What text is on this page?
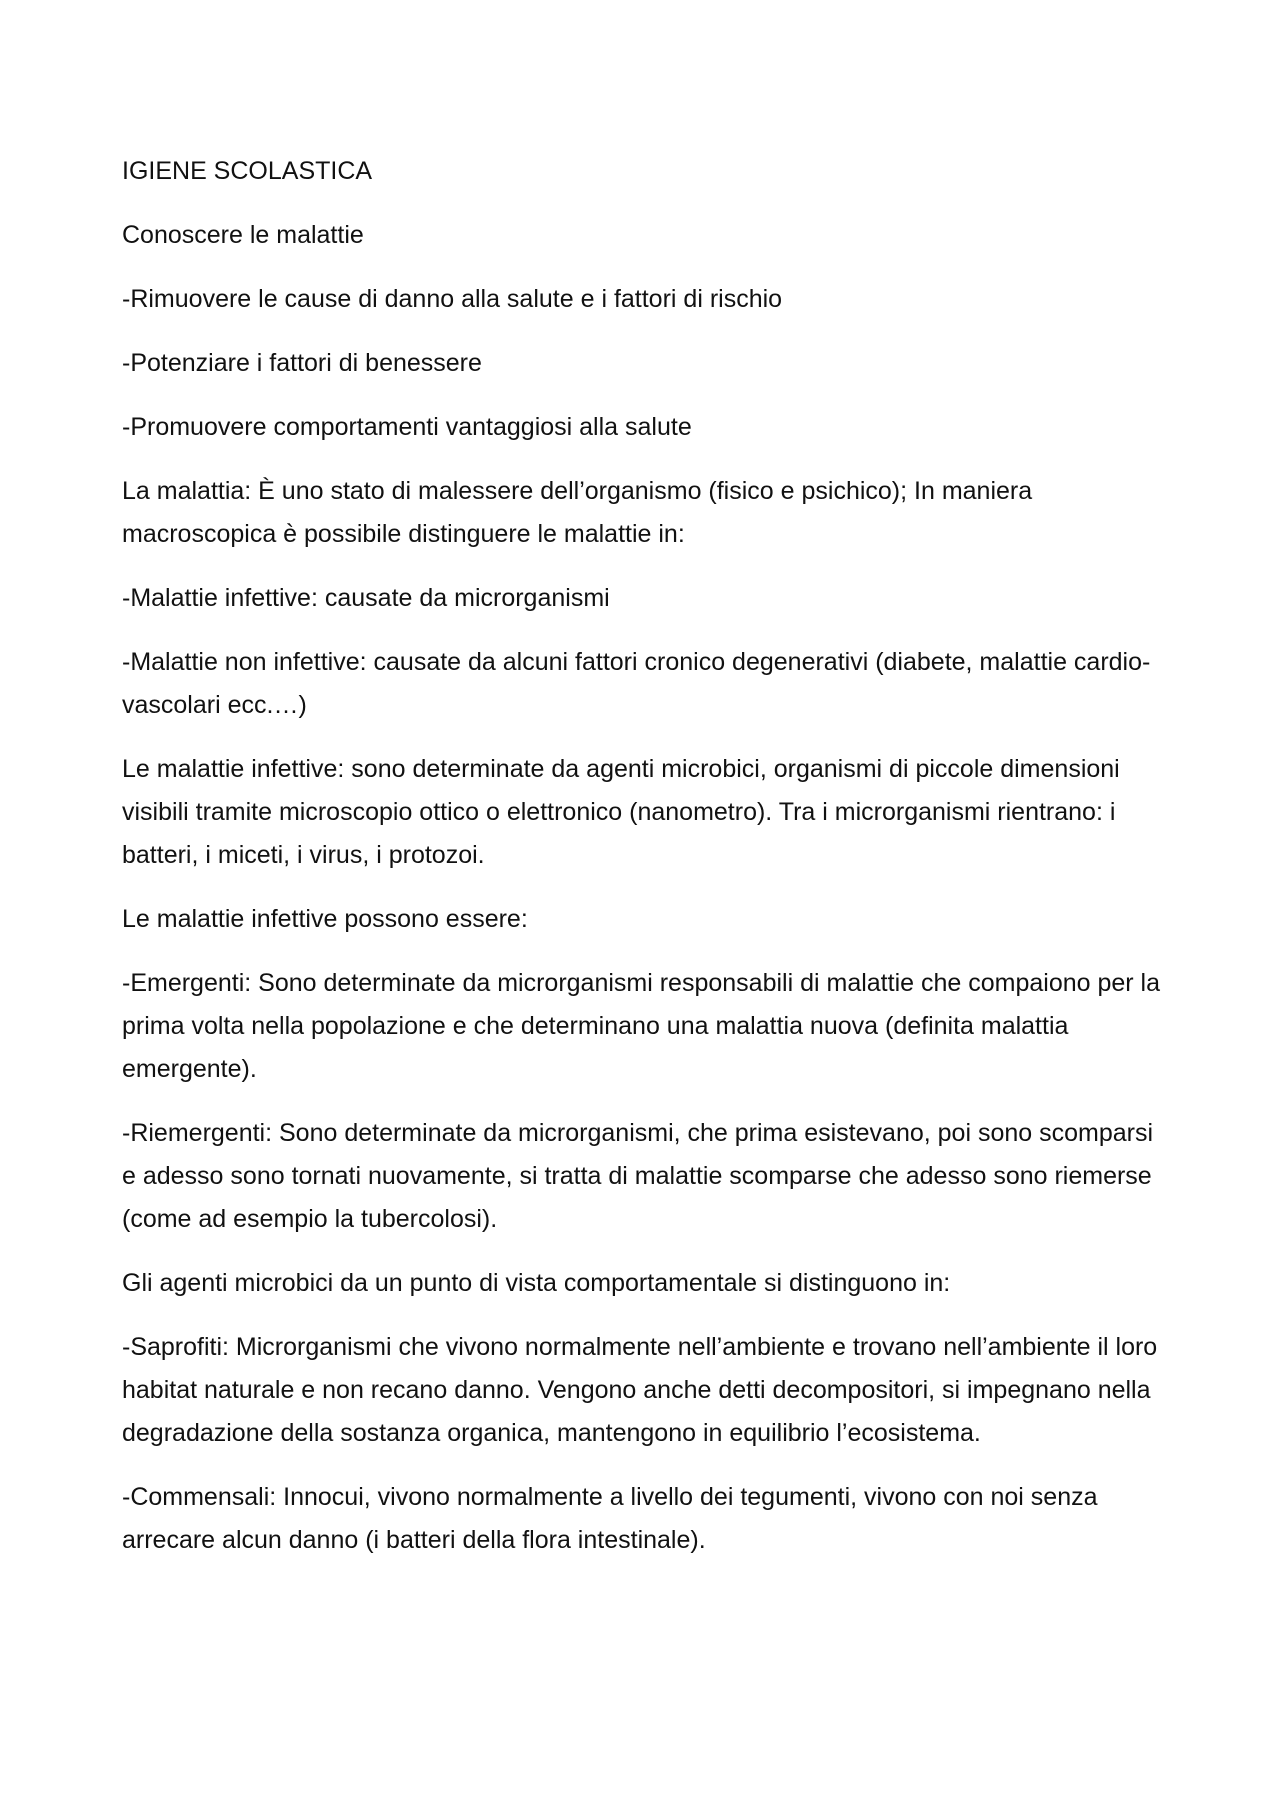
IGIENE SCOLASTICA

Conoscere le malattie

-Rimuovere le cause di danno alla salute e i fattori di rischio

-Potenziare i fattori di benessere

-Promuovere comportamenti vantaggiosi alla salute

La malattia: È uno stato di malessere dell’organismo (fisico e psichico); In maniera macroscopica è possibile distinguere le malattie in:

-Malattie infettive: causate da microrganismi

-Malattie non infettive: causate da alcuni fattori cronico degenerativi (diabete, malattie cardio-vascolari ecc.…)

Le malattie infettive: sono determinate da agenti microbici, organismi di piccole dimensioni visibili tramite microscopio ottico o elettronico (nanometro). Tra i microrganismi rientrano: i batteri, i miceti, i virus, i protozoi.

Le malattie infettive possono essere:

-Emergenti: Sono determinate da microrganismi responsabili di malattie che compaiono per la prima volta nella popolazione e che determinano una malattia nuova (definita malattia emergente).

-Riemergenti: Sono determinate da microrganismi, che prima esistevano, poi sono scomparsi e adesso sono tornati nuovamente, si tratta di malattie scomparse che adesso sono riemerse (come ad esempio la tubercolosi).

Gli agenti microbici da un punto di vista comportamentale si distinguono in:

-Saprofiti: Microrganismi che vivono normalmente nell’ambiente e trovano nell’ambiente il loro habitat naturale e non recano danno. Vengono anche detti decompositori, si impegnano nella degradazione della sostanza organica, mantengono in equilibrio l’ecosistema.

-Commensali: Innocui, vivono normalmente a livello dei tegumenti, vivono con noi senza arrecare alcun danno (i batteri della flora intestinale).
